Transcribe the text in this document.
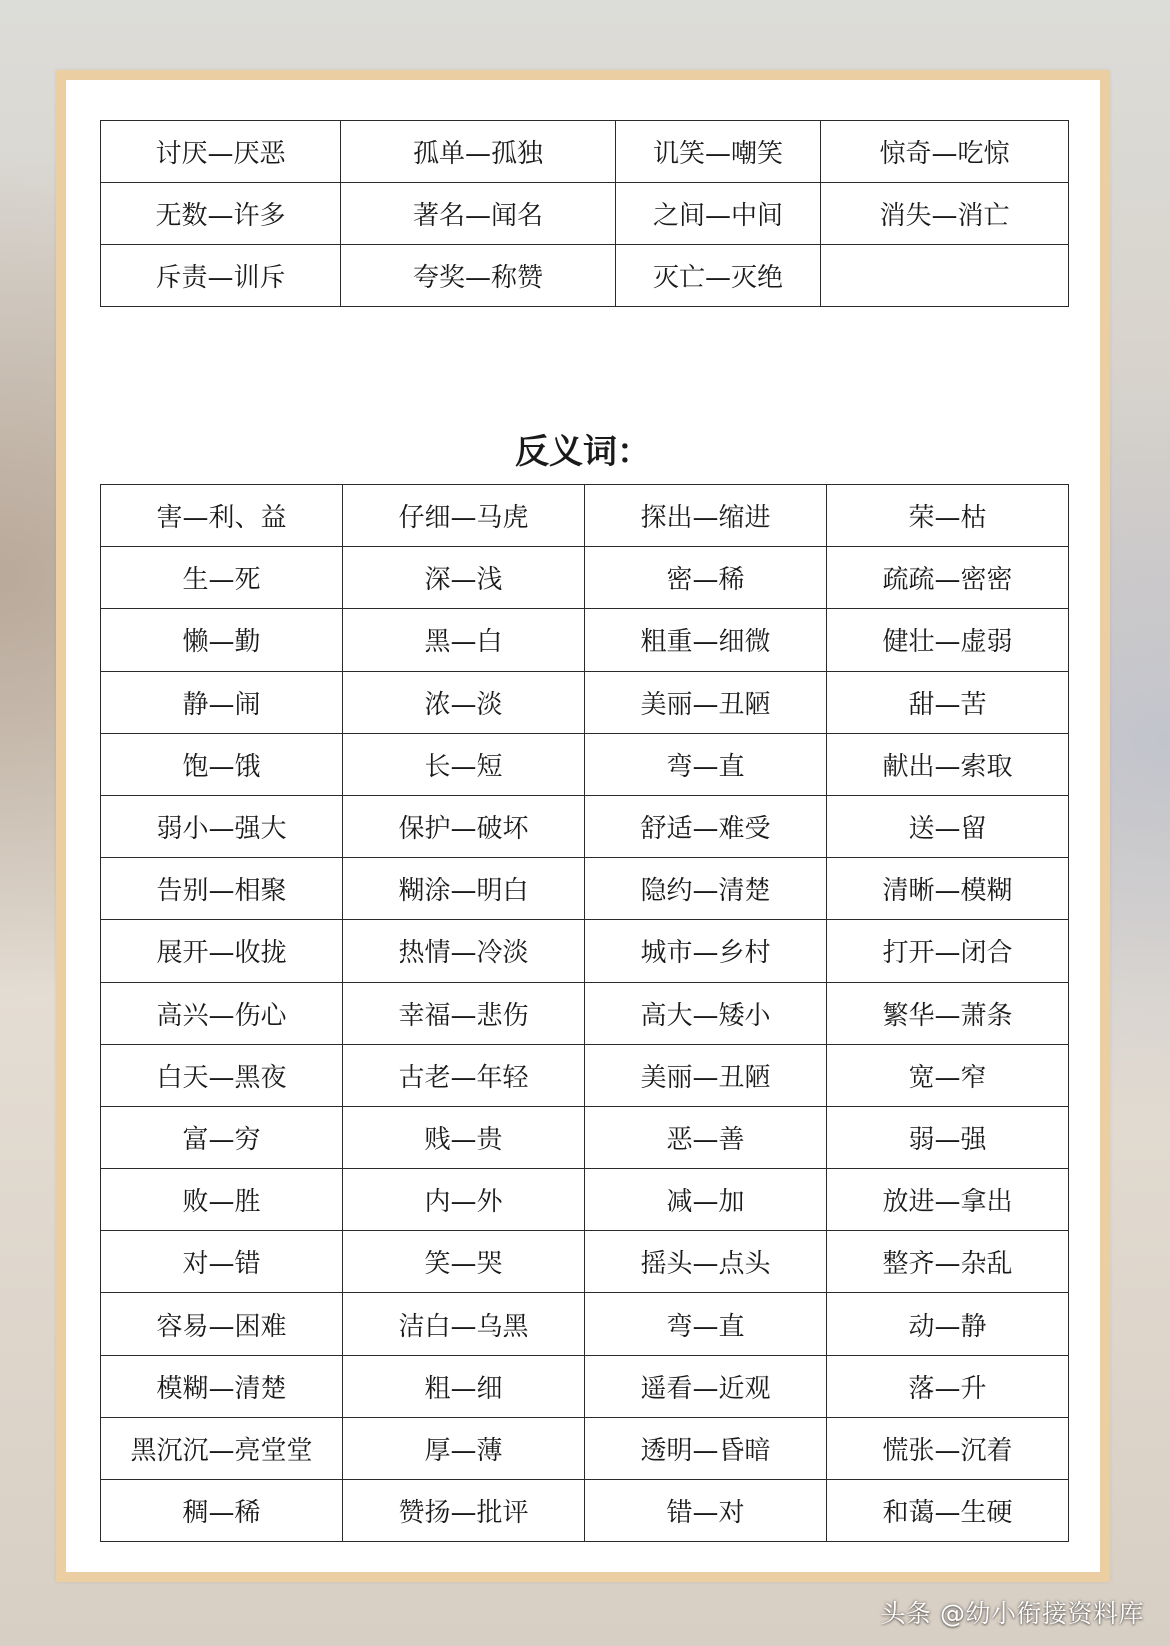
讨厌—厌恶	孤单—孤独	讥笑—嘲笑	惊奇—吃惊
无数—许多	著名—闻名	之间—中间	消失—消亡
斥责—训斥	夸奖—称赞	灭亡—灭绝	
反义词：
害—利、益	仔细—马虎	探出—缩进	荣—枯
生—死	深—浅	密—稀	疏疏—密密
懒—勤	黑—白	粗重—细微	健壮—虚弱
静—闹	浓—淡	美丽—丑陋	甜—苦
饱—饿	长—短	弯—直	献出—索取
弱小—强大	保护—破坏	舒适—难受	送—留
告别—相聚	糊涂—明白	隐约—清楚	清晰—模糊
展开—收拢	热情—冷淡	城市—乡村	打开—闭合
高兴—伤心	幸福—悲伤	高大—矮小	繁华—萧条
白天—黑夜	古老—年轻	美丽—丑陋	宽—窄
富—穷	贱—贵	恶—善	弱—强
败—胜	内—外	减—加	放进—拿出
对—错	笑—哭	摇头—点头	整齐—杂乱
容易—困难	洁白—乌黑	弯—直	动—静
模糊—清楚	粗—细	遥看—近观	落—升
黑沉沉—亮堂堂	厚—薄	透明—昏暗	慌张—沉着
稠—稀	赞扬—批评	错—对	和蔼—生硬
头条 @幼小衔接资料库
